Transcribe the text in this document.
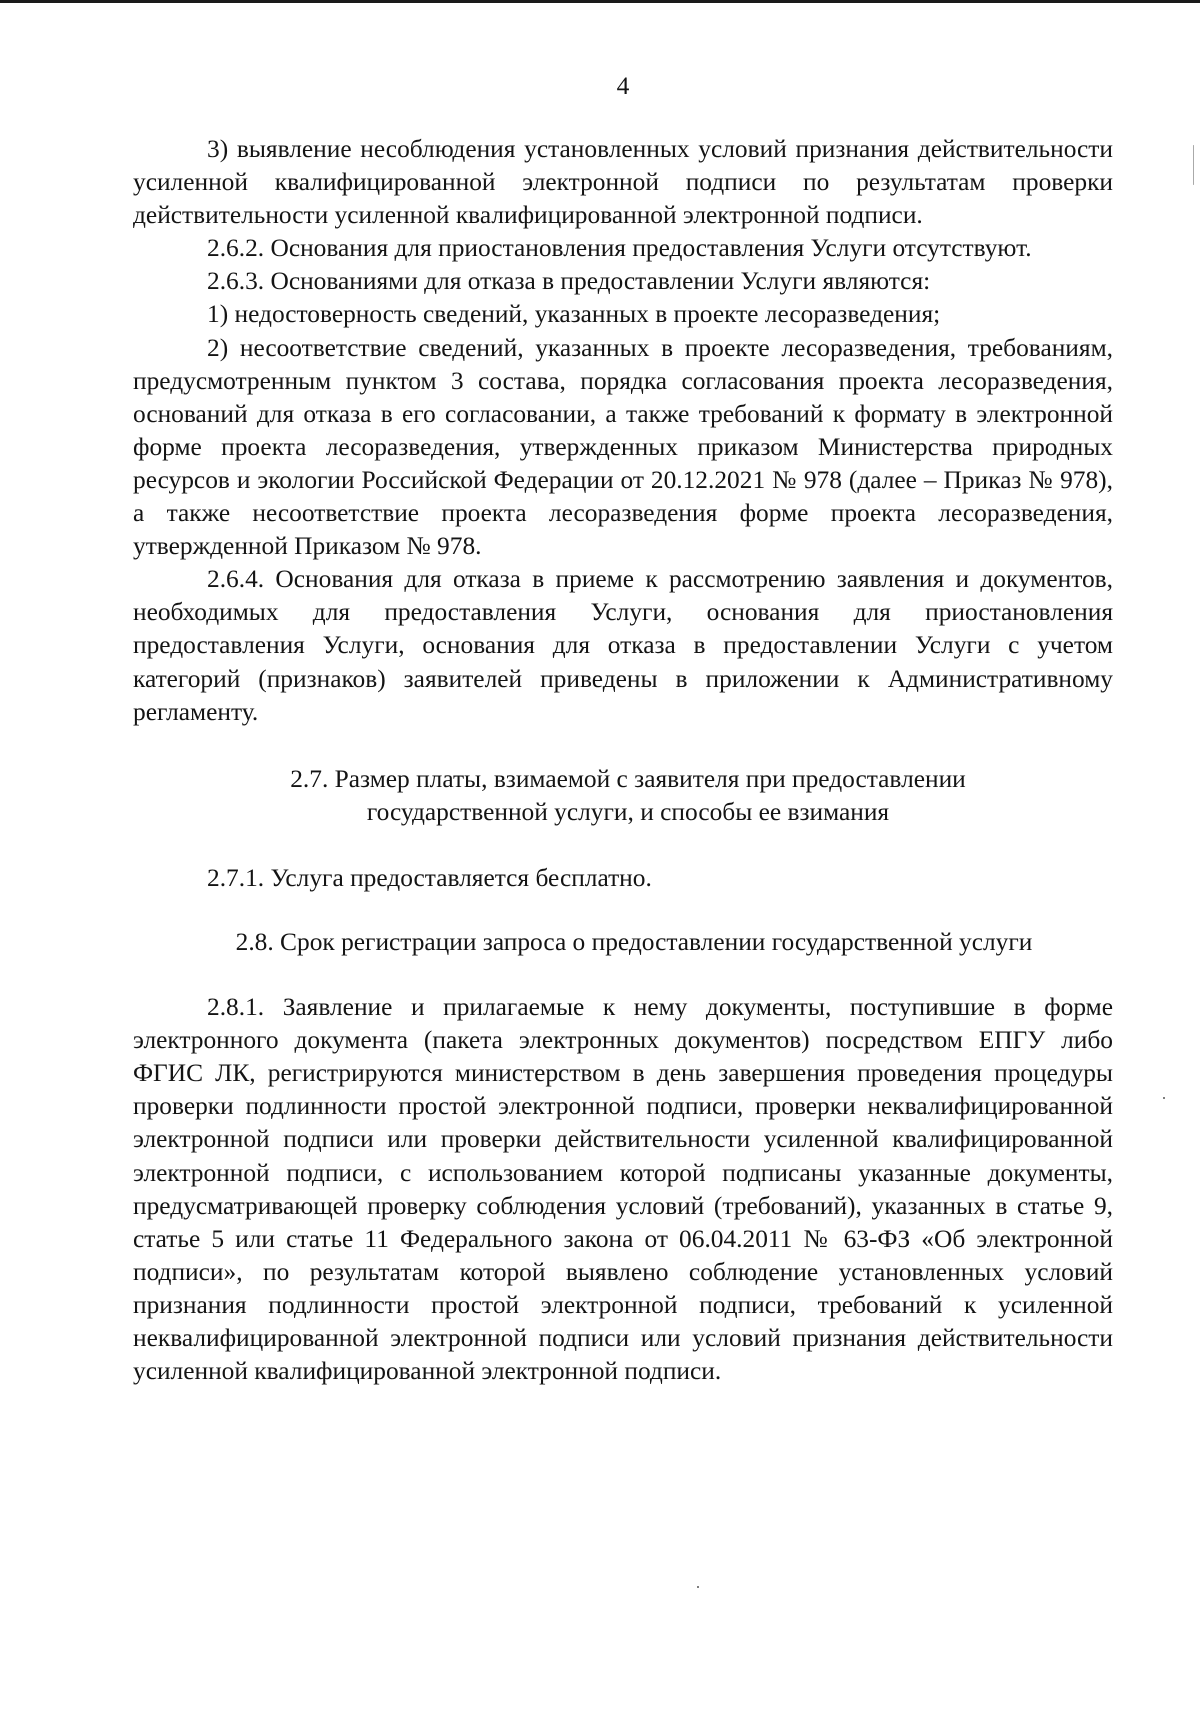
4

3) выявление несоблюдения установленных условий признания действительности усиленной квалифицированной электронной подписи по результатам проверки действительности усиленной квалифицированной электронной подписи.

2.6.2. Основания для приостановления предоставления Услуги отсутствуют.

2.6.3. Основаниями для отказа в предоставлении Услуги являются:

1) недостоверность сведений, указанных в проекте лесоразведения;

2) несоответствие сведений, указанных в проекте лесоразведения, требованиям, предусмотренным пунктом 3 состава, порядка согласования проекта лесоразведения, оснований для отказа в его согласовании, а также требований к формату в электронной форме проекта лесоразведения, утвержденных приказом Министерства природных ресурсов и экологии Российской Федерации от 20.12.2021 № 978 (далее – Приказ № 978), а также несоответствие проекта лесоразведения форме проекта лесоразведения, утвержденной Приказом № 978.

2.6.4. Основания для отказа в приеме к рассмотрению заявления и документов, необходимых для предоставления Услуги, основания для приостановления предоставления Услуги, основания для отказа в предоставлении Услуги с учетом категорий (признаков) заявителей приведены в приложении к Административному регламенту.

2.7. Размер платы, взимаемой с заявителя при предоставлении
государственной услуги, и способы ее взимания

2.7.1. Услуга предоставляется бесплатно.

2.8. Срок регистрации запроса о предоставлении государственной услуги

2.8.1. Заявление и прилагаемые к нему документы, поступившие в форме электронного документа (пакета электронных документов) посредством ЕПГУ либо ФГИС ЛК, регистрируются министерством в день завершения проведения процедуры проверки подлинности простой электронной подписи, проверки неквалифицированной электронной подписи или проверки действительности усиленной квалифицированной электронной подписи, с использованием которой подписаны указанные документы, предусматривающей проверку соблюдения условий (требований), указанных в статье 9, статье 5 или статье 11 Федерального закона от 06.04.2011 № 63-ФЗ «Об электронной подписи», по результатам которой выявлено соблюдение установленных условий признания подлинности простой электронной подписи, требований к усиленной неквалифицированной электронной подписи или условий признания действительности усиленной квалифицированной электронной подписи.
